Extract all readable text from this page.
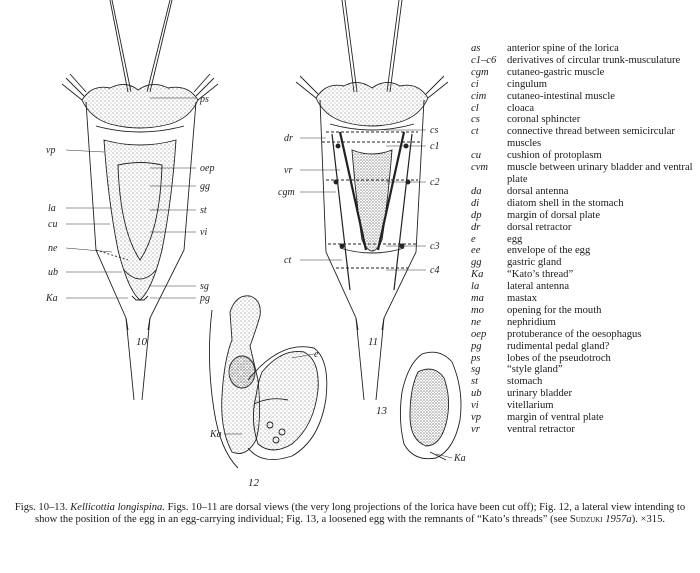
ps
vp
oep
gg
la	st
cu
vi
ne
ub
sg
Ka	pg
10
cs
dr
c1
vr
c2
cgm
c3
ct
c4
11
e
Ka
12
Ka
13
as	anterior spine of the lorica
c1–c6	derivatives of circular trunk-musculature
cgm	cutaneo-gastric muscle
ci	cingulum
cim	cutaneo-intestinal muscle
cl	cloaca
cs	coronal sphincter
ct	connective thread between semicircular muscles
cu	cushion of protoplasm
cvm	muscle between urinary bladder and ventral plate
da	dorsal antenna
di	diatom shell in the stomach
dp	margin of dorsal plate
dr	dorsal retractor
e	egg
ee	envelope of the egg
gg	gastric gland
Ka	“Kato’s thread”
la	lateral antenna
ma	mastax
mo	opening for the mouth
ne	nephridium
oep	protuberance of the oesophagus
pg	rudimental pedal gland?
ps	lobes of the pseudotroch
sg	“style gland”
st	stomach
ub	urinary bladder
vi	vitellarium
vp	margin of ventral plate
vr	ventral retractor

Figs. 10–13. Kellicottia longispina. Figs. 10–11 are dorsal views (the very long projections of the lorica have been cut off); Fig. 12, a lateral view intending to show the position of the egg in an egg-carrying individual; Fig. 13, a loosened egg with the remnants of “Kato’s threads” (see Sudzuki 1957a). ×315.
